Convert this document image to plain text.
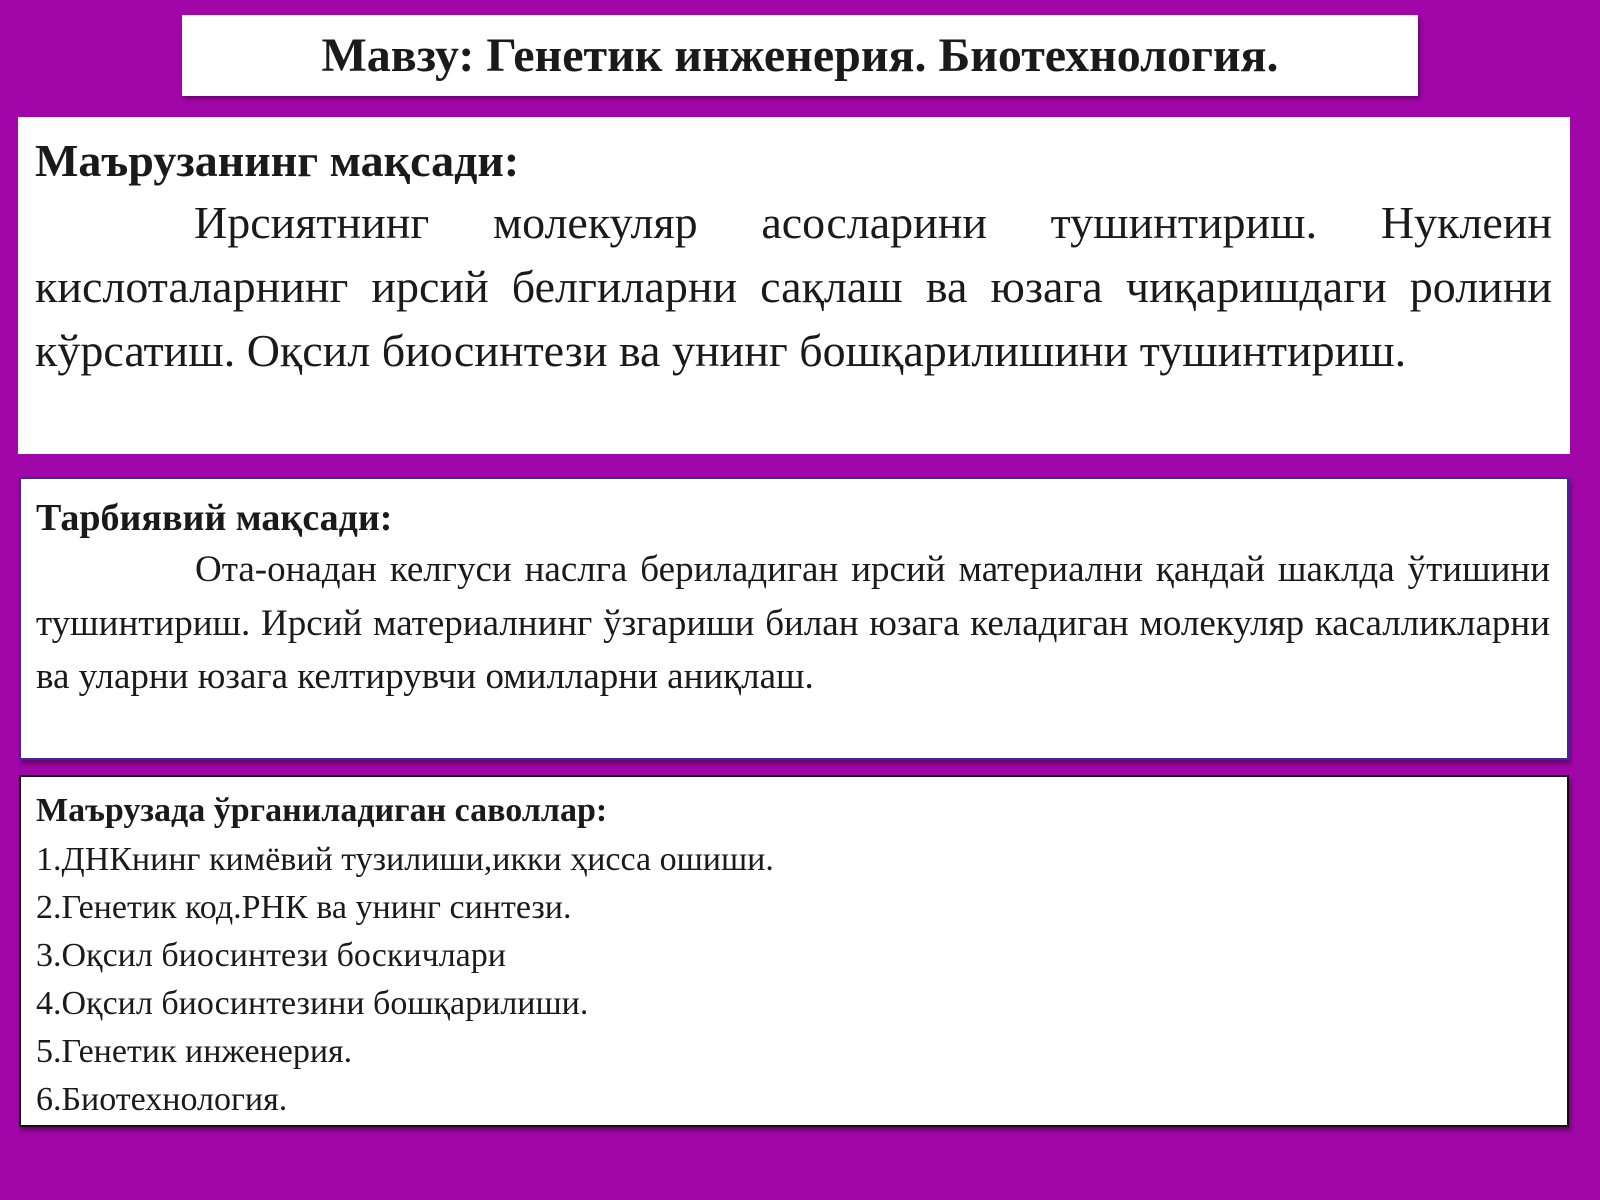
Мавзу: Генетик инженерия. Биотехнология.
Маърузанинг мақсади:

Ирсиятнинг молекуляр асосларини тушинтириш. Нуклеин кислоталарнинг ирсий белгиларни сақлаш ва юзага чиқаришдаги ролини кўрсатиш. Оқсил биосинтези ва унинг бошқарилишини тушинтириш.

Тарбиявий мақсади:

Ота-онадан келгуси наслга бериладиган ирсий материални қандай шаклда ўтишини тушинтириш. Ирсий материалнинг ўзгариши билан юзага келадиган молекуляр касалликларни ва уларни юзага келтирувчи омилларни аниқлаш.

Маърузада ўрганиладиган саволлар:
1.ДНКнинг кимёвий тузилиши,икки ҳисса ошиши.
2.Генетик код.РНК ва унинг синтези.
3.Оқсил биосинтези боскичлари
4.Оқсил биосинтезини бошқарилиши.
5.Генетик инженерия.
6.Биотехнология.
